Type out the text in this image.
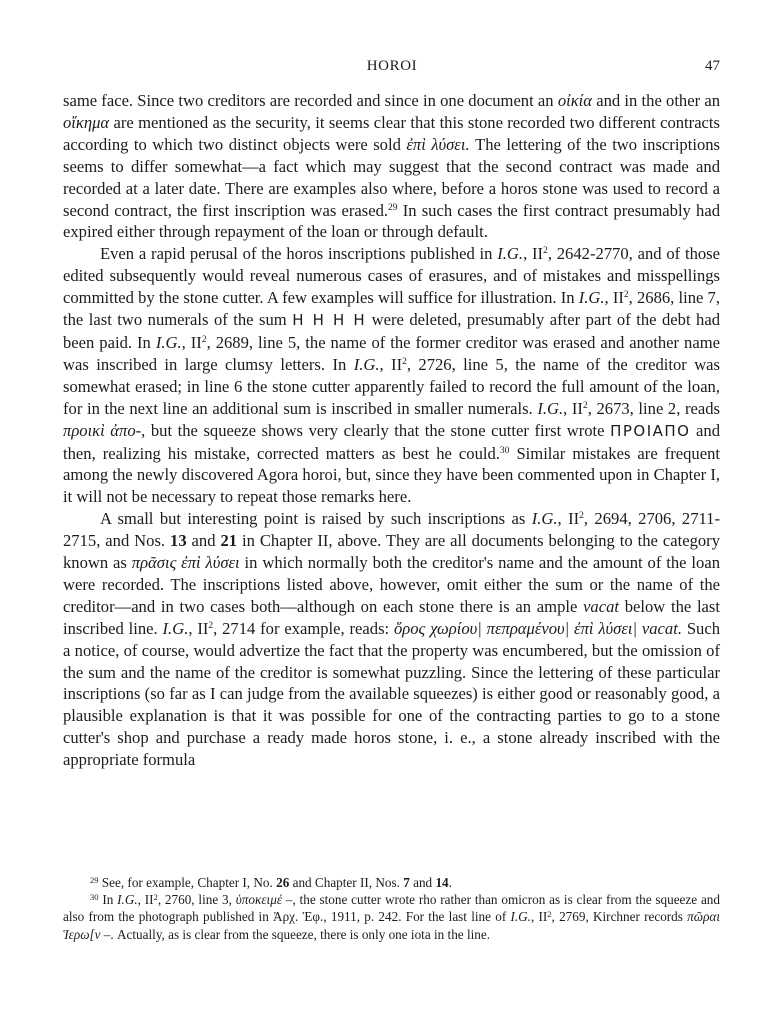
HOROI	47

same face. Since two creditors are recorded and since in one document an οἰκία and in the other an οἴκημα are mentioned as the security, it seems clear that this stone recorded two different contracts according to which two distinct objects were sold ἐπὶ λύσει. The lettering of the two inscriptions seems to differ somewhat—a fact which may suggest that the second contract was made and recorded at a later date. There are examples also where, before a horos stone was used to record a second contract, the first inscription was erased.$^{29}$ In such cases the first contract presumably had expired either through repayment of the loan or through default.

Even a rapid perusal of the horos inscriptions published in I.G., $II^2$, 2642-2770, and of those edited subsequently would reveal numerous cases of erasures, and of mistakes and misspellings committed by the stone cutter. A few examples will suffice for illustration. In I.G., $II^2$, 2686, line 7, the last two numerals of the sum H H H H were deleted, presumably after part of the debt had been paid. In I.G., $II^2$, 2689, line 5, the name of the former creditor was erased and another name was inscribed in large clumsy letters. In I.G., $II^2$, 2726, line 5, the name of the creditor was somewhat erased; in line 6 the stone cutter apparently failed to record the full amount of the loan, for in the next line an additional sum is inscribed in smaller numerals. I.G., $II^2$, 2673, line 2, reads προικὶ ἀπο-, but the squeeze shows very clearly that the stone cutter first wrote ΠΡΟΙΑΠΟ and then, realizing his mistake, corrected matters as best he could.$^{30}$ Similar mistakes are frequent among the newly discovered Agora horoi, but, since they have been commented upon in Chapter I, it will not be necessary to repeat those remarks here.

A small but interesting point is raised by such inscriptions as I.G., $II^2$, 2694, 2706, 2711-2715, and Nos. 13 and 21 in Chapter II, above. They are all documents belonging to the category known as πρᾶσις ἐπὶ λύσει in which normally both the creditor's name and the amount of the loan were recorded. The inscriptions listed above, however, omit either the sum or the name of the creditor—and in two cases both—although on each stone there is an ample vacat below the last inscribed line. I.G., $II^2$, 2714 for example, reads: ὅρος χωρίου| πεπραμένου| ἐπὶ λύσει| vacat. Such a notice, of course, would advertize the fact that the property was encumbered, but the omission of the sum and the name of the creditor is somewhat puzzling. Since the lettering of these particular inscriptions (so far as I can judge from the available squeezes) is either good or reasonably good, a plausible explanation is that it was possible for one of the contracting parties to go to a stone cutter's shop and purchase a ready made horos stone, i. e., a stone already inscribed with the appropriate formula

$^{29}$ See, for example, Chapter I, No. 26 and Chapter II, Nos. 7 and 14.

$^{30}$ In I.G., II$^2$, 2760, line 3, ὑποκειμέ –, the stone cutter wrote rho rather than omicron as is clear from the squeeze and also from the photograph published in Ἀρχ. Ἐφ., 1911, p. 242. For the last line of I.G., II$^2$, 2769, Kirchner records πῶραι Ἱερω[ν –. Actually, as is clear from the squeeze, there is only one iota in the line.
